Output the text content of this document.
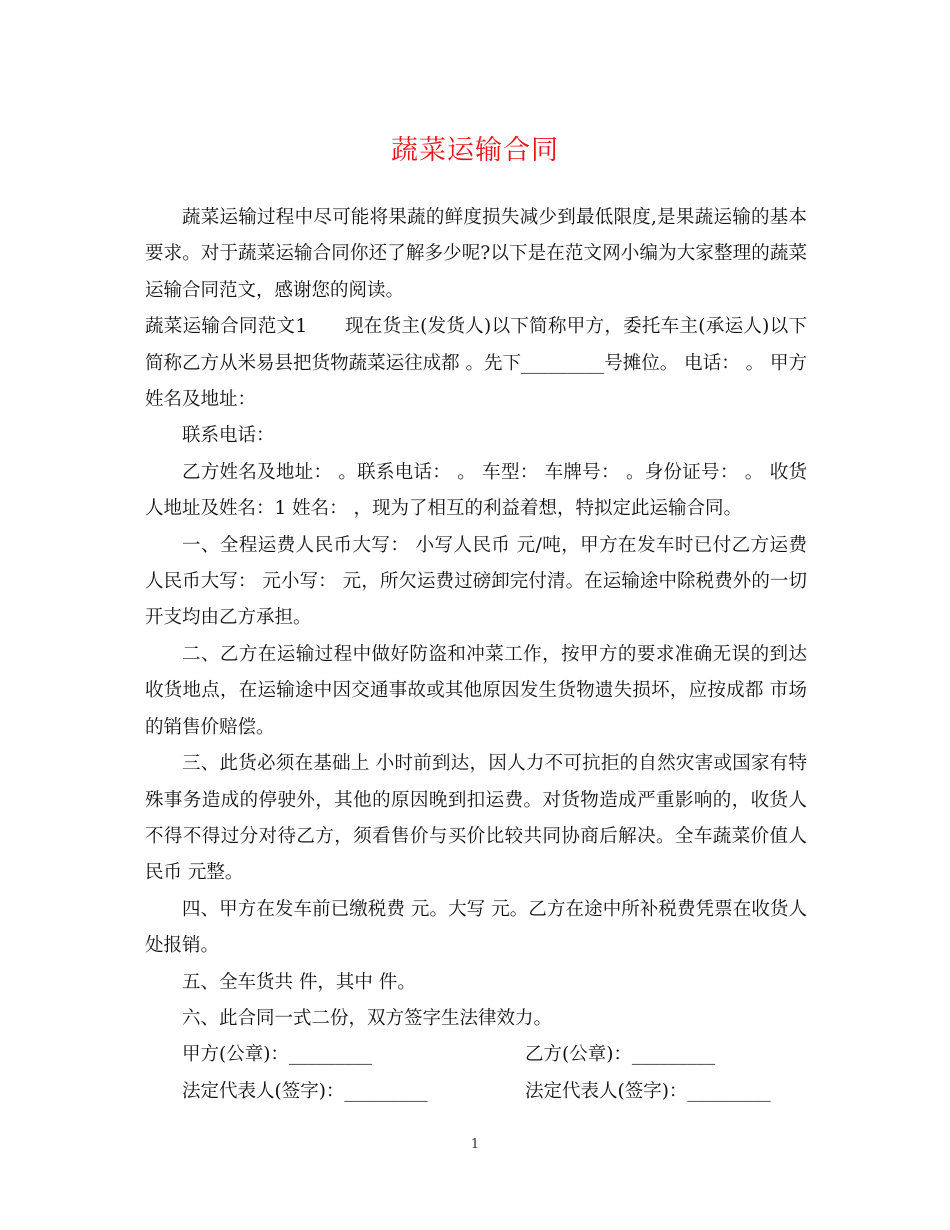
蔬菜运输合同

蔬菜运输过程中尽可能将果蔬的鲜度损失减少到最低限度,是果蔬运输的基本要求。对于蔬菜运输合同你还了解多少呢?以下是在范文网小编为大家整理的蔬菜运输合同范文，感谢您的阅读。

蔬菜运输合同范文1　　现在货主(发货人)以下简称甲方，委托车主(承运人)以下简称乙方从米易县把货物蔬菜运往成都 。先下_________号摊位。 电话： 。 甲方姓名及地址：

联系电话：

乙方姓名及地址： 。联系电话： 。 车型： 车牌号： 。身份证号： 。 收货人地址及姓名：1 姓名： ，现为了相互的利益着想，特拟定此运输合同。

一、全程运费人民币大写： 小写人民币 元/吨，甲方在发车时已付乙方运费人民币大写： 元小写： 元，所欠运费过磅卸完付清。在运输途中除税费外的一切开支均由乙方承担。

二、乙方在运输过程中做好防盗和冲菜工作，按甲方的要求准确无误的到达收货地点，在运输途中因交通事故或其他原因发生货物遗失损坏，应按成都 市场的销售价赔偿。

三、此货必须在基础上 小时前到达，因人力不可抗拒的自然灾害或国家有特殊事务造成的停驶外，其他的原因晚到扣运费。对货物造成严重影响的，收货人不得不得过分对待乙方，须看售价与买价比较共同协商后解决。全车蔬菜价值人民币 元整。

四、甲方在发车前已缴税费 元。大写 元。乙方在途中所补税费凭票在收货人处报销。

五、全车货共 件，其中 件。

六、此合同一式二份，双方签字生法律效力。

甲方(公章)：_________	乙方(公章)：_________
法定代表人(签字)：_________	法定代表人(签字)：_________
1
